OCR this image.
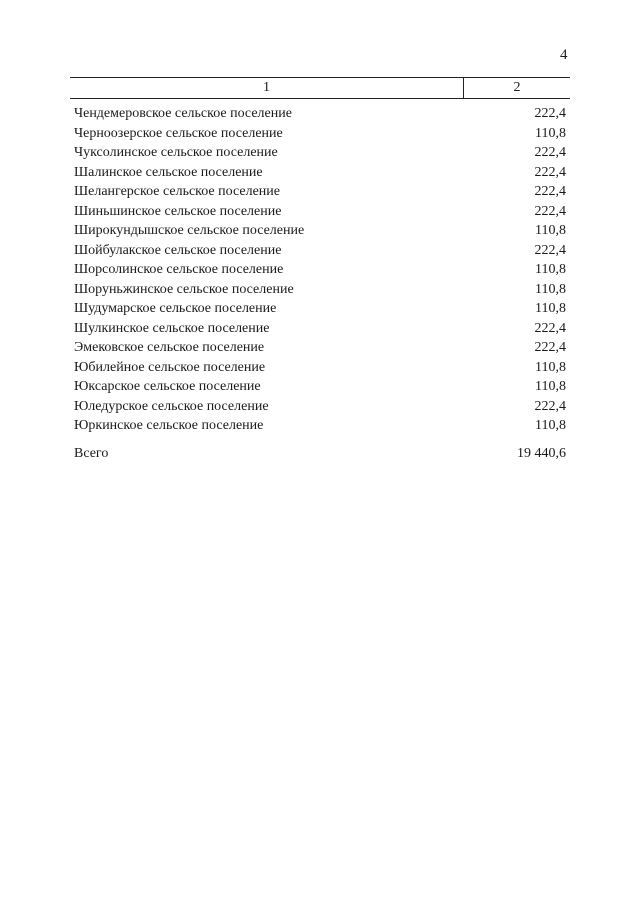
4
1	2
Чендемеровское сельское поселение	222,4
Черноозерское сельское поселение	110,8
Чуксолинское сельское поселение	222,4
Шалинское сельское поселение	222,4
Шелангерское сельское поселение	222,4
Шиньшинское сельское поселение	222,4
Широкундышское сельское поселение	110,8
Шойбулакское сельское поселение	222,4
Шорсолинское сельское поселение	110,8
Шоруньжинское сельское поселение	110,8
Шудумарское сельское поселение	110,8
Шулкинское сельское поселение	222,4
Эмековское сельское поселение	222,4
Юбилейное сельское поселение	110,8
Юксарское сельское поселение	110,8
Юледурское сельское поселение	222,4
Юркинское сельское поселение	110,8
Всего	19 440,6
